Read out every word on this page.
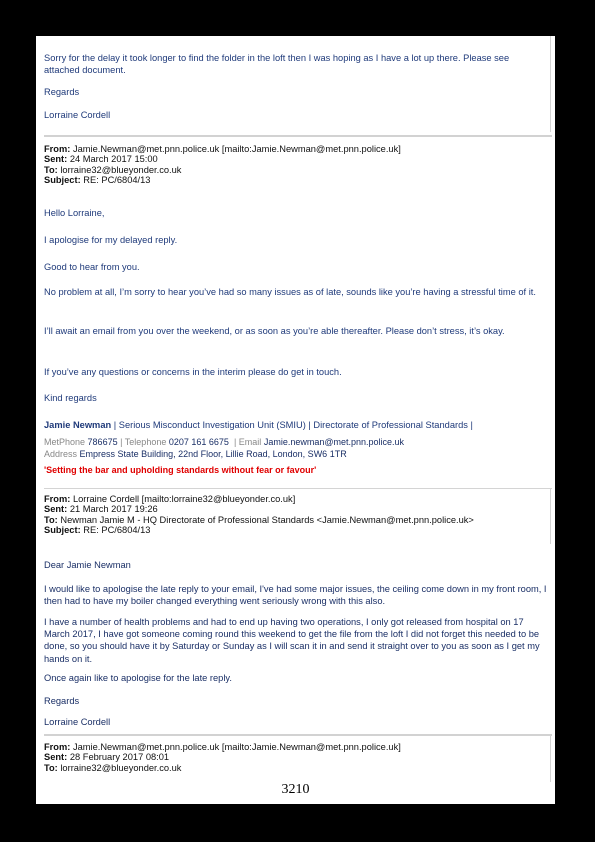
Sorry for the delay it took longer to find the folder in the loft then I was hoping as I have a lot up there. Please see attached document.

Regards

Lorraine Cordell

From: Jamie.Newman@met.pnn.police.uk [mailto:Jamie.Newman@met.pnn.police.uk]

Sent: 24 March 2017 15:00

To: lorraine32@blueyonder.co.uk

Subject: RE: PC/6804/13

Hello Lorraine,

I apologise for my delayed reply.

Good to hear from you.

No problem at all, I’m sorry to hear you’ve had so many issues as of late, sounds like you’re having a stressful time of it.

I’ll await an email from you over the weekend, or as soon as you’re able thereafter. Please don’t stress, it’s okay.

If you’ve any questions or concerns in the interim please do get in touch.

Kind regards

Jamie Newman | Serious Misconduct Investigation Unit (SMIU) | Directorate of Professional Standards |
MetPhone 786675 | Telephone 0207 161 6675  | Email Jamie.newman@met.pnn.police.uk
Address Empress State Building, 22nd Floor, Lillie Road, London, SW6 1TR
'Setting the bar and upholding standards without fear or favour'

From: Lorraine Cordell [mailto:lorraine32@blueyonder.co.uk]

Sent: 21 March 2017 19:26

To: Newman Jamie M - HQ Directorate of Professional Standards <Jamie.Newman@met.pnn.police.uk>

Subject: RE: PC/6804/13

Dear Jamie Newman

I would like to apologise the late reply to your email, I've had some major issues, the ceiling come down in my front room, I then had to have my boiler changed everything went seriously wrong with this also.

I have a number of health problems and had to end up having two operations, I only got released from hospital on 17 March 2017, I have got someone coming round this weekend to get the file from the loft I did not forget this needed to be done, so you should have it by Saturday or Sunday as I will scan it in and send it straight over to you as soon as I get my hands on it.

Once again like to apologise for the late reply.

Regards

Lorraine Cordell

From: Jamie.Newman@met.pnn.police.uk [mailto:Jamie.Newman@met.pnn.police.uk]

Sent: 28 February 2017 08:01

To: lorraine32@blueyonder.co.uk

3210
